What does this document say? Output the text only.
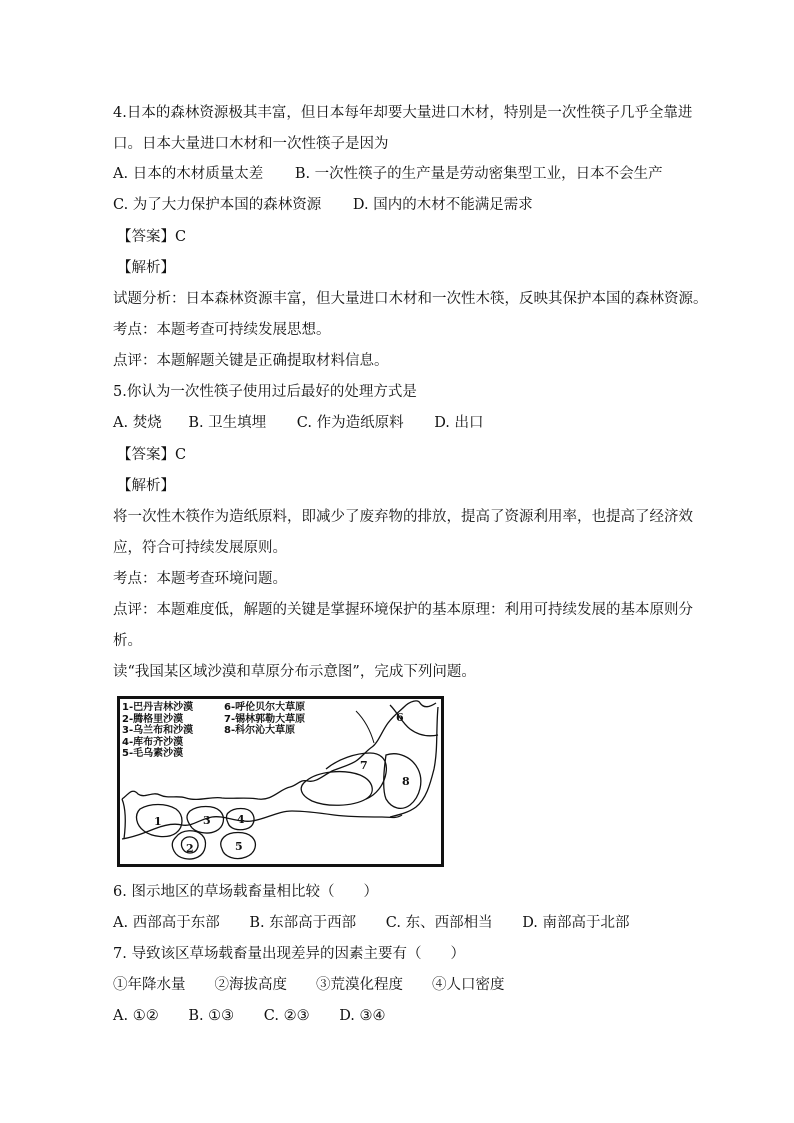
4.日本的森林资源极其丰富，但日本每年却要大量进口木材，特别是一次性筷子几乎全靠进
口。日本大量进口木材和一次性筷子是因为
A. 日本的木材质量太差 B. 一次性筷子的生产量是劳动密集型工业，日本不会生产
C. 为了大力保护本国的森林资源 D. 国内的木材不能满足需求
【答案】C
【解析】
试题分析：日本森林资源丰富，但大量进口木材和一次性木筷，反映其保护本国的森林资源。
考点：本题考查可持续发展思想。
点评：本题解题关键是正确提取材料信息。
5.你认为一次性筷子使用过后最好的处理方式是
A. 焚烧 B. 卫生填埋 C. 作为造纸原料 D. 出口
【答案】C
【解析】
将一次性木筷作为造纸原料，即减少了废弃物的排放，提高了资源利用率，也提高了经济效
应，符合可持续发展原则。
考点：本题考查环境问题。
点评：本题难度低，解题的关键是掌握环境保护的基本原理：利用可持续发展的基本原则分
析。
读“我国某区域沙漠和草原分布示意图”，完成下列问题。
1
2
3 4
5
6
7
8
1-巴丹吉林沙漠
2-腾格里沙漠
3-乌兰布和沙漠
4-库布齐沙漠
5-毛乌素沙漠
6-呼伦贝尔大草原
7-锡林郭勒大草原
8-科尔沁大草原
6. 图示地区的草场载畜量相比较（　　）
A. 西部高于东部 B. 东部高于西部 C. 东、西部相当 D. 南部高于北部
7. 导致该区草场载畜量出现差异的因素主要有（　　）
①年降水量　　②海拔高度　　③荒漠化程度　　④人口密度
A. ①② B. ①③ C. ②③ D. ③④
